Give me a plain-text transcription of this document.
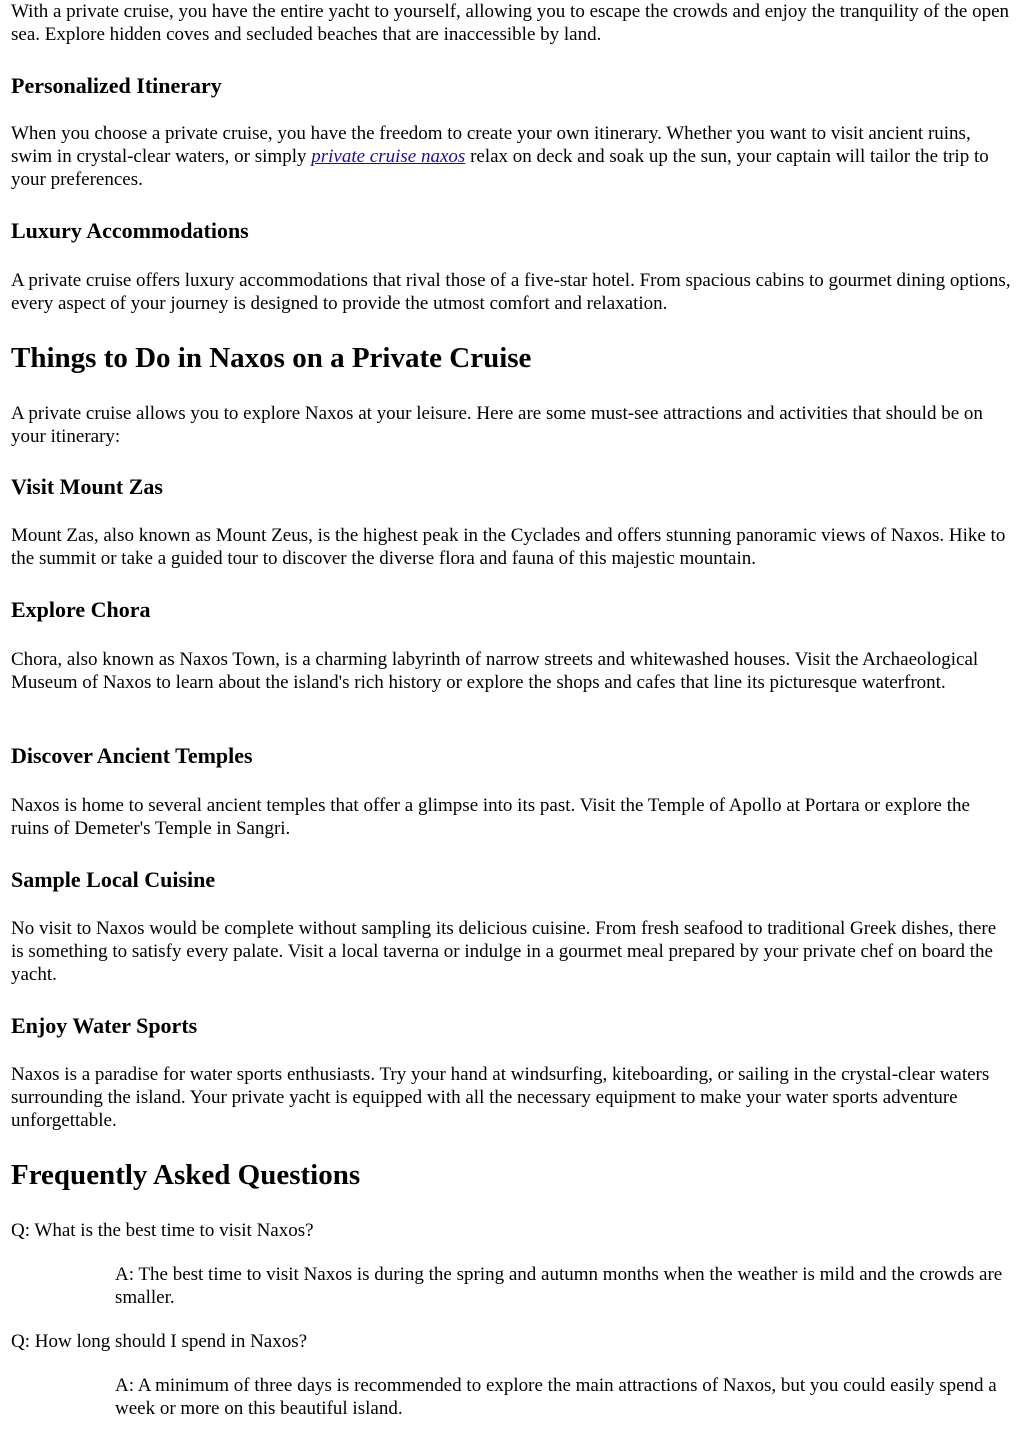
With a private cruise, you have the entire yacht to yourself, allowing you to escape the crowds and enjoy the tranquility of the open sea. Explore hidden coves and secluded beaches that are inaccessible by land.

Personalized Itinerary

When you choose a private cruise, you have the freedom to create your own itinerary. Whether you want to visit ancient ruins, swim in crystal-clear waters, or simply private cruise naxos relax on deck and soak up the sun, your captain will tailor the trip to your preferences.

Luxury Accommodations

A private cruise offers luxury accommodations that rival those of a five-star hotel. From spacious cabins to gourmet dining options, every aspect of your journey is designed to provide the utmost comfort and relaxation.

Things to Do in Naxos on a Private Cruise

A private cruise allows you to explore Naxos at your leisure. Here are some must-see attractions and activities that should be on your itinerary:

Visit Mount Zas

Mount Zas, also known as Mount Zeus, is the highest peak in the Cyclades and offers stunning panoramic views of Naxos. Hike to the summit or take a guided tour to discover the diverse flora and fauna of this majestic mountain.

Explore Chora

Chora, also known as Naxos Town, is a charming labyrinth of narrow streets and whitewashed houses. Visit the Archaeological Museum of Naxos to learn about the island's rich history or explore the shops and cafes that line its picturesque waterfront.

Discover Ancient Temples

Naxos is home to several ancient temples that offer a glimpse into its past. Visit the Temple of Apollo at Portara or explore the ruins of Demeter's Temple in Sangri.

Sample Local Cuisine

No visit to Naxos would be complete without sampling its delicious cuisine. From fresh seafood to traditional Greek dishes, there is something to satisfy every palate. Visit a local taverna or indulge in a gourmet meal prepared by your private chef on board the yacht.

Enjoy Water Sports

Naxos is a paradise for water sports enthusiasts. Try your hand at windsurfing, kiteboarding, or sailing in the crystal-clear waters surrounding the island. Your private yacht is equipped with all the necessary equipment to make your water sports adventure unforgettable.

Frequently Asked Questions

Q: What is the best time to visit Naxos?

A: The best time to visit Naxos is during the spring and autumn months when the weather is mild and the crowds are smaller.

Q: How long should I spend in Naxos?

A: A minimum of three days is recommended to explore the main attractions of Naxos, but you could easily spend a week or more on this beautiful island.
